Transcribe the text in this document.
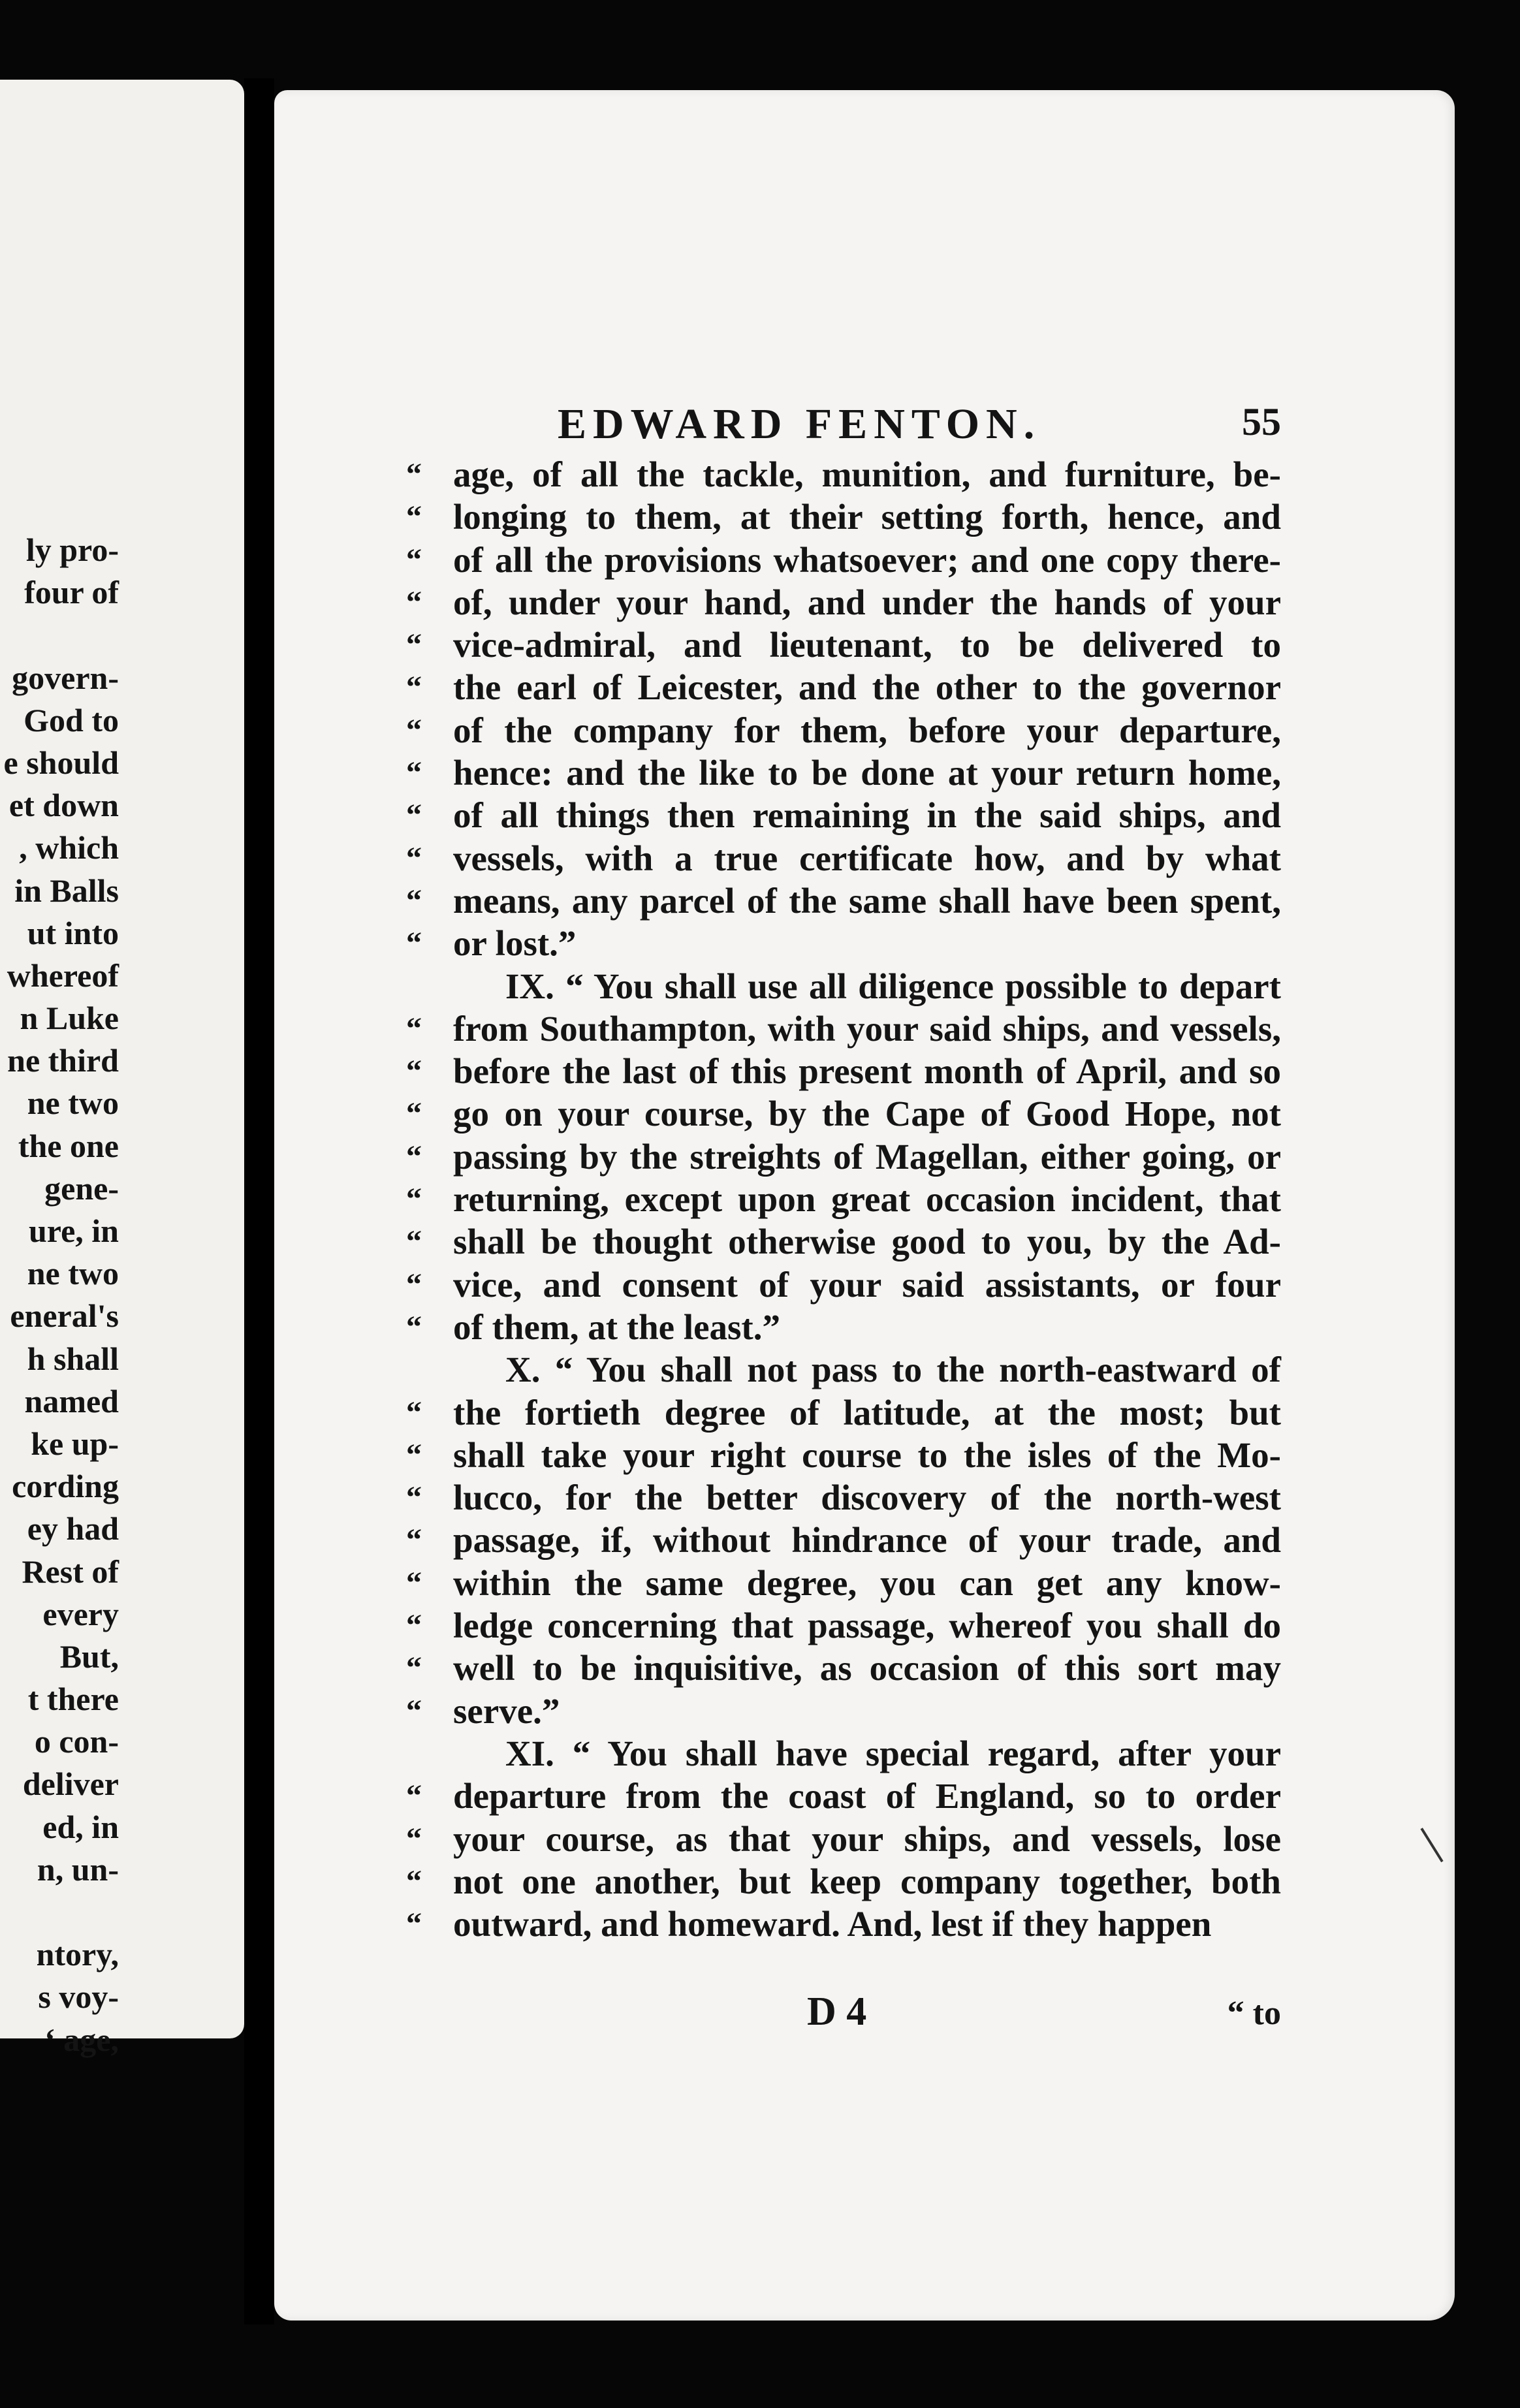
ly pro-
four of
govern-
God to
e should
et down
, which
in Balls
ut into
whereof
n Luke
ne third
ne two
the one
gene-
ure, in
ne two
eneral's
h shall
named
ke up-
cording
ey had
Rest of
every
But,
t there
o con-
deliver
ed, in
n, un-
ntory,
s voy-
‘ age,
EDWARD FENTON.	55
“ age, of all the tackle, munition, and furniture, be-
“ longing to them, at their setting forth, hence, and
“ of all the provisions whatsoever; and one copy there-
“ of, under your hand, and under the hands of your
“ vice-admiral, and lieutenant, to be delivered to
“ the earl of Leicester, and the other to the governor
“ of the company for them, before your departure,
“ hence: and the like to be done at your return home,
“ of all things then remaining in the said ships, and
“ vessels, with a true certificate how, and by what
“ means, any parcel of the same shall have been spent,
“ or lost.”
IX. “ You shall use all diligence possible to depart
“ from Southampton, with your said ships, and vessels,
“ before the last of this present month of April, and so
“ go on your course, by the Cape of Good Hope, not
“ passing by the streights of Magellan, either going, or
“ returning, except upon great occasion incident, that
“ shall be thought otherwise good to you, by the Ad-
“ vice, and consent of your said assistants, or four
“ of them, at the least.”
X. “ You shall not pass to the north-eastward of
“ the fortieth degree of latitude, at the most; but
“ shall take your right course to the isles of the Mo-
“ lucco, for the better discovery of the north-west
“ passage, if, without hindrance of your trade, and
“ within the same degree, you can get any know-
“ ledge concerning that passage, whereof you shall do
“ well to be inquisitive, as occasion of this sort may
“ serve.”
XI. “ You shall have special regard, after your
“ departure from the coast of England, so to order
“ your course, as that your ships, and vessels, lose
“ not one another, but keep company together, both
“ outward, and homeward. And, lest if they happen
D 4	“ to
